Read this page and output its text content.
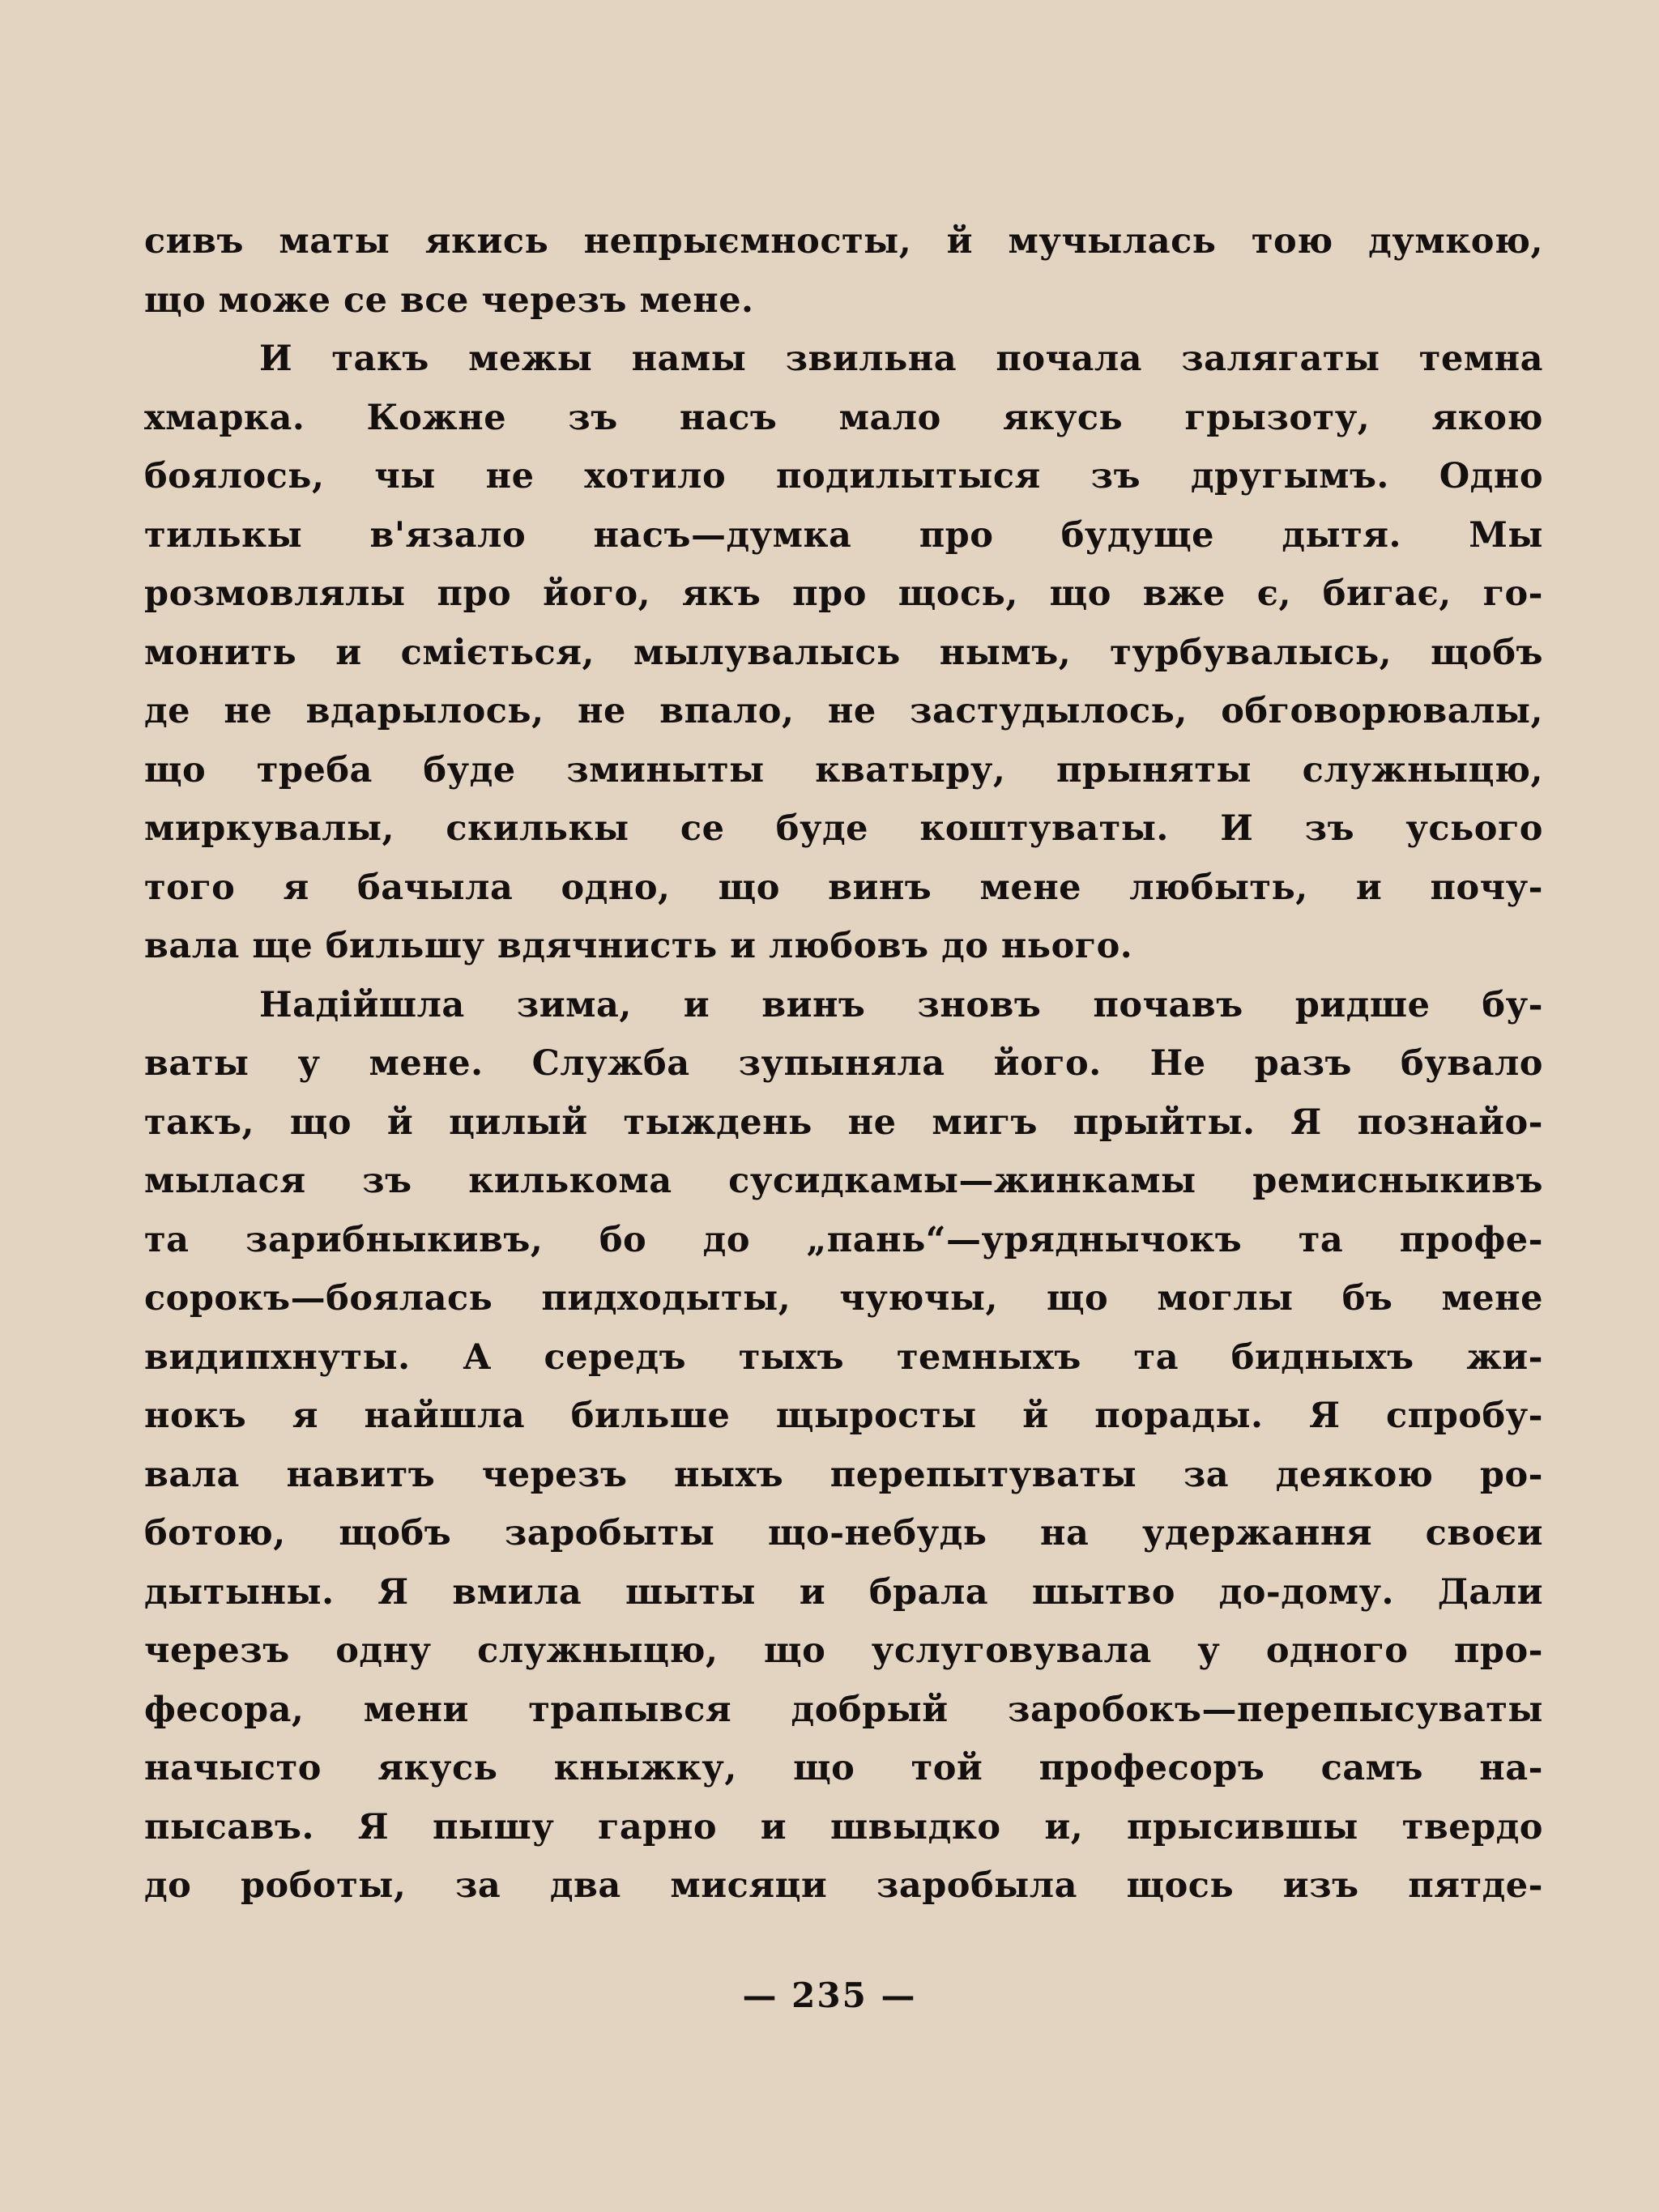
сивъ маты якись непрыємносты, й мучылась тою думкою,
що може се все черезъ мене.
И такъ межы намы звильна почала залягаты темна
хмарка. Кожне зъ насъ мало якусь грызоту, якою
боялось, чы не хотило подилытыся зъ другымъ. Одно
тилькы в'язало насъ—думка про будуще дытя. Мы
розмовлялы про його, якъ про щось, що вже є, бигає, го-
монить и сміється, мылувалысь нымъ, турбувалысь, щобъ
де не вдарылось, не впало, не застудылось, обговорювалы,
що треба буде зминыты кватыру, прыняты служныцю,
миркувалы, скилькы се буде коштуваты. И зъ усього
того я бачыла одно, що винъ мене любыть, и почу-
вала ще бильшу вдячнисть и любовъ до нього.
Надійшла зима, и винъ зновъ почавъ ридше бу-
ваты у мене. Служба зупыняла його. Не разъ бувало
такъ, що й цилый тыждень не мигъ прыйты. Я познайо-
мылася зъ килькома сусидкамы—жинкамы ремисныкивъ
та зарибныкивъ, бо до „пань“—уряднычокъ та профе-
сорокъ—боялась пидходыты, чуючы, що моглы бъ мене
видипхнуты. А середъ тыхъ темныхъ та бидныхъ жи-
нокъ я найшла бильше щыросты й порады. Я спробу-
вала навитъ черезъ ныхъ перепытуваты за деякою ро-
ботою, щобъ заробыты що-небудь на удержання своєи
дытыны. Я вмила шыты и брала шытво до-дому. Дали
черезъ одну служныцю, що услуговувала у одного про-
фесора, мени трапывся добрый заробокъ—перепысуваты
начысто якусь кныжку, що той професоръ самъ на-
пысавъ. Я пышу гарно и швыдко и, прысившы твердо
до роботы, за два мисяци заробыла щось изъ пятде-
— 235 —
